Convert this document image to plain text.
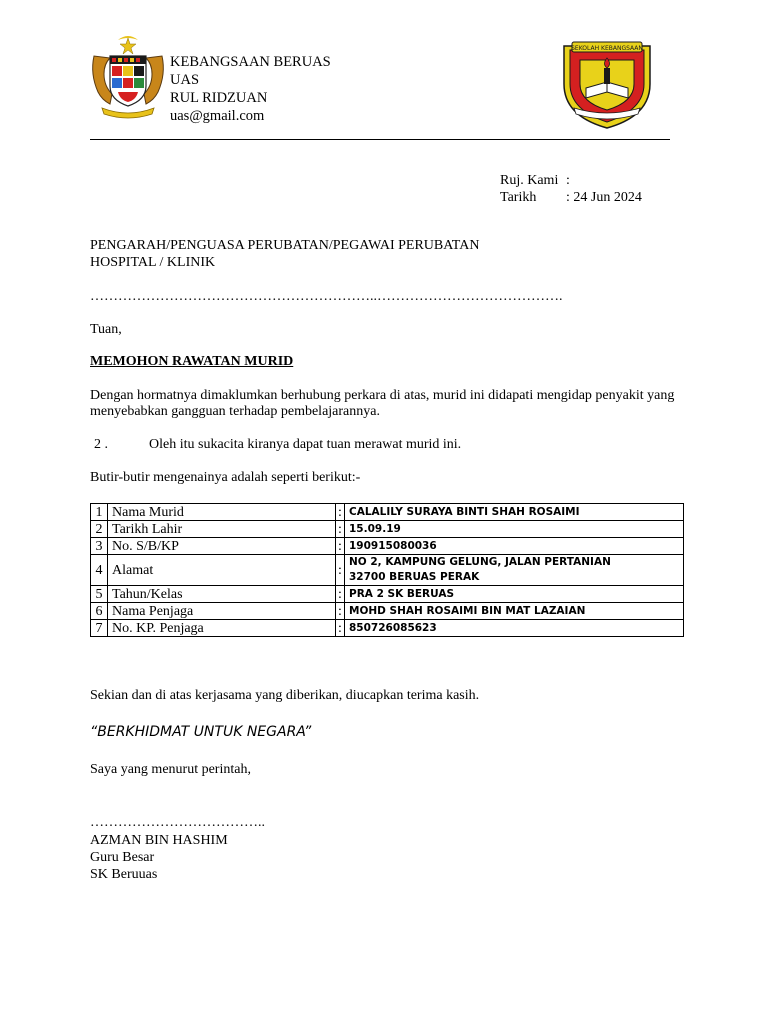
KEBANGSAAN BERUAS
UAS
RUL RIDZUAN
uas@gmail.com
SEKOLAH KEBANGSAAN
Ruj. Kami :
Tarikh : 24 Jun 2024
PENGARAH/PENGUASA PERUBATAN/PEGAWAI PERUBATAN
HOSPITAL / KLINIK
……………………………………………………..………………………………….
Tuan,
MEMOHON RAWATAN MURID
Dengan hormatnya dimaklumkan berhubung perkara di atas, murid ini didapati mengidap penyakit yang menyebabkan gangguan terhadap pembelajarannya.
2 .	Oleh itu sukacita kiranya dapat tuan merawat murid ini.
Butir-butir mengenainya adalah seperti berikut:-
1	Nama Murid	:	CALALILY SURAYA BINTI SHAH ROSAIMI
2	Tarikh Lahir	:	15.09.19
3	No. S/B/KP	:	190915080036
4	Alamat	:	NO 2, KAMPUNG GELUNG, JALAN PERTANIAN
32700 BERUAS PERAK

5	Tahun/Kelas	:	PRA 2 SK BERUAS
6	Nama Penjaga	:	MOHD SHAH ROSAIMI BIN MAT LAZAIAN
7	No. KP. Penjaga	:	850726085623
Sekian dan di atas kerjasama yang diberikan, diucapkan terima kasih.
“BERKHIDMAT UNTUK NEGARA”
Saya yang menurut perintah,
………………………………..
AZMAN BIN HASHIM
Guru Besar
SK Beruuas
